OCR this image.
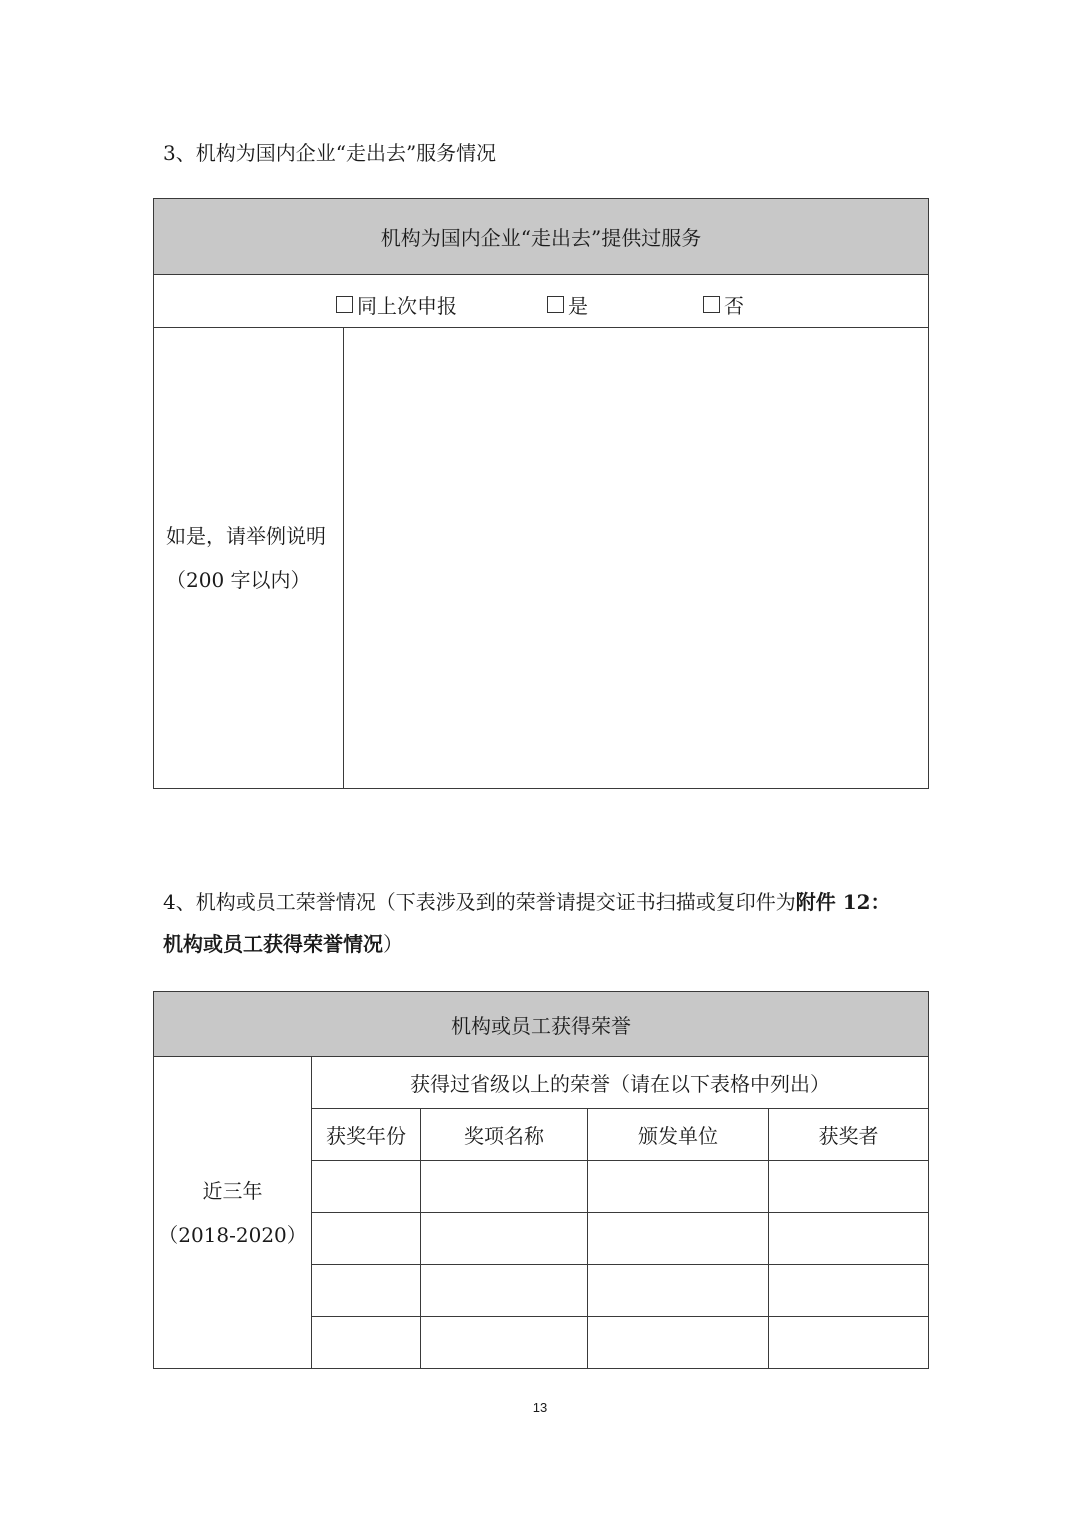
3、机构为国内企业“走出去”服务情况
机构为国内企业“走出去”提供过服务

同上次申报	是	否

如是，请举例说明
（200 字以内）

4、机构或员工荣誉情况（下表涉及到的荣誉请提交证书扫描或复印件为附件 12：
机构或员工获得荣誉情况）
机构或员工获得荣誉				

近三年
（2018-2020）	获得过省级以上的荣誉（请在以下表格中列出）			
	获奖年份	奖项名称	颁发单位	获奖者

13
